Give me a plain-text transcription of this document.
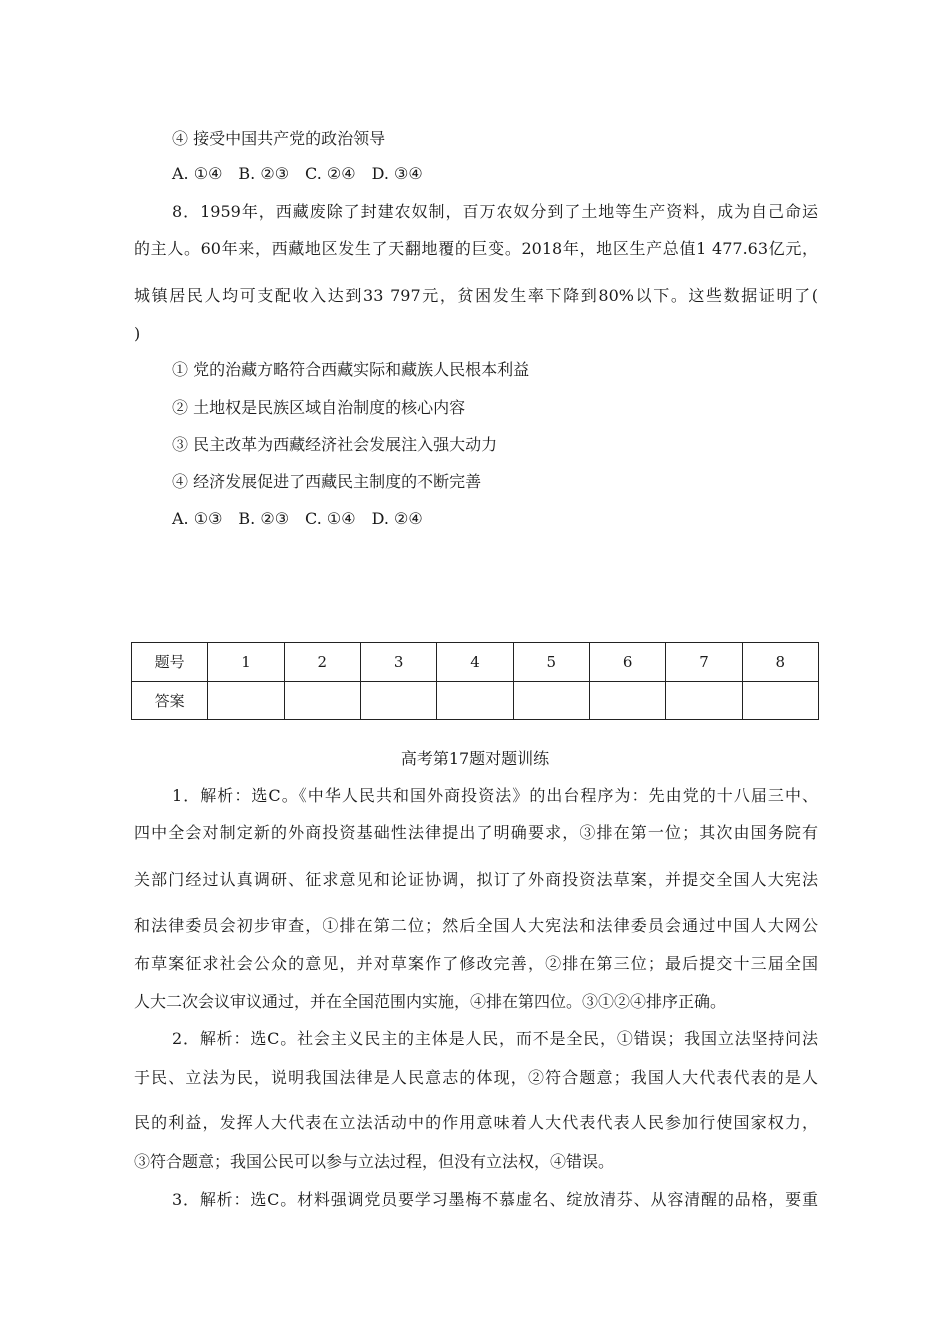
④ 接受中国共产党的政治领导
A. ①④　B. ②③　C. ②④　D. ③④
8．1959年，西藏废除了封建农奴制，百万农奴分到了土地等生产资料，成为自己命运
的主人。60年来，西藏地区发生了天翻地覆的巨变。2018年，地区生产总值1 477.63亿元，
城镇居民人均可支配收入达到33 797元，贫困发生率下降到80%以下。这些数据证明了(
)
① 党的治藏方略符合西藏实际和藏族人民根本利益
② 土地权是民族区域自治制度的核心内容
③ 民主改革为西藏经济社会发展注入强大动力
④ 经济发展促进了西藏民主制度的不断完善
A. ①③　B. ②③　C. ①④　D. ②④
题号	1	2	3	4	5	6	7	8
答案								
高考第17题对题训练
1．解析：选C。《中华人民共和国外商投资法》的出台程序为：先由党的十八届三中、
四中全会对制定新的外商投资基础性法律提出了明确要求，③排在第一位；其次由国务院有
关部门经过认真调研、征求意见和论证协调，拟订了外商投资法草案，并提交全国人大宪法
和法律委员会初步审查，①排在第二位；然后全国人大宪法和法律委员会通过中国人大网公
布草案征求社会公众的意见，并对草案作了修改完善，②排在第三位；最后提交十三届全国
人大二次会议审议通过，并在全国范围内实施，④排在第四位。③①②④排序正确。
2．解析：选C。社会主义民主的主体是人民，而不是全民，①错误；我国立法坚持问法
于民、立法为民，说明我国法律是人民意志的体现，②符合题意；我国人大代表代表的是人
民的利益，发挥人大代表在立法活动中的作用意味着人大代表代表人民参加行使国家权力，
③符合题意；我国公民可以参与立法过程，但没有立法权，④错误。
3．解析：选C。材料强调党员要学习墨梅不慕虚名、绽放清芬、从容清醒的品格，要重
